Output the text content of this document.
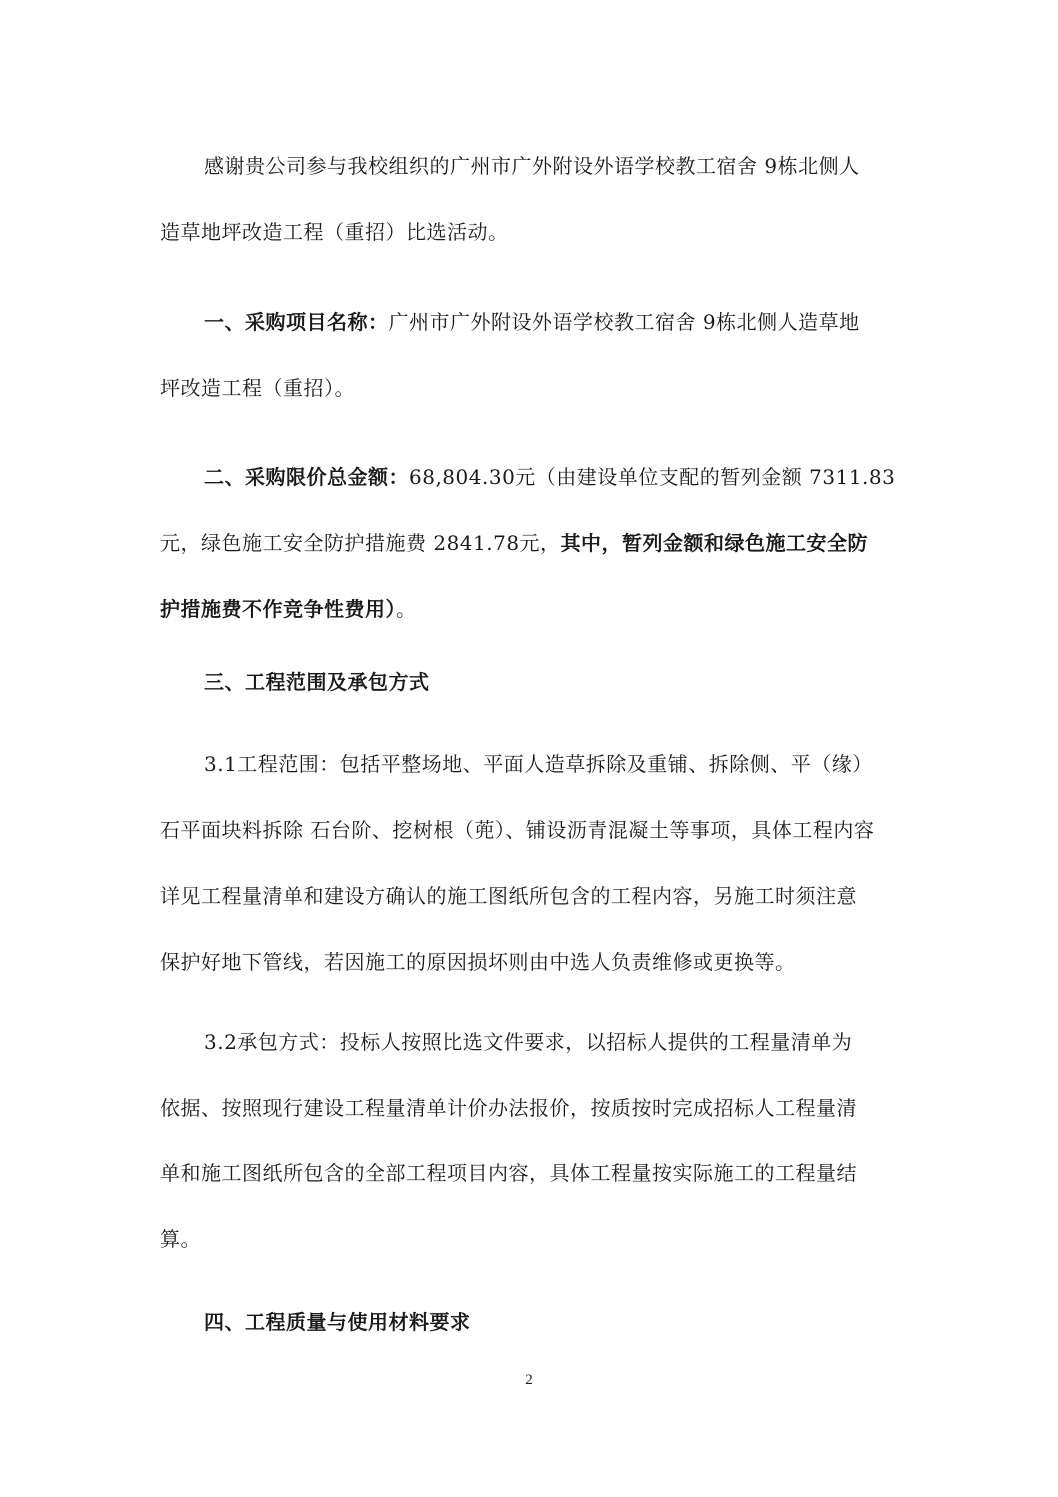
感谢贵公司参与我校组织的广州市广外附设外语学校教工宿舍 9栋北侧人
造草地坪改造工程（重招）比选活动。
一、采购项目名称：广州市广外附设外语学校教工宿舍 9栋北侧人造草地
坪改造工程（重招）。
二、采购限价总金额：68,804.30元（由建设单位支配的暂列金额 7311.83
元，绿色施工安全防护措施费 2841.78元，其中，暂列金额和绿色施工安全防
护措施费不作竞争性费用）。
三、工程范围及承包方式
3.1工程范围：包括平整场地、平面人造草拆除及重铺、拆除侧、平（缘）
石平面块料拆除 石台阶、挖树根（蔸）、铺设沥青混凝土等事项，具体工程内容
详见工程量清单和建设方确认的施工图纸所包含的工程内容，另施工时须注意
保护好地下管线，若因施工的原因损坏则由中选人负责维修或更换等。
3.2承包方式：投标人按照比选文件要求，以招标人提供的工程量清单为
依据、按照现行建设工程量清单计价办法报价，按质按时完成招标人工程量清
单和施工图纸所包含的全部工程项目内容，具体工程量按实际施工的工程量结
算。
四、工程质量与使用材料要求
2
